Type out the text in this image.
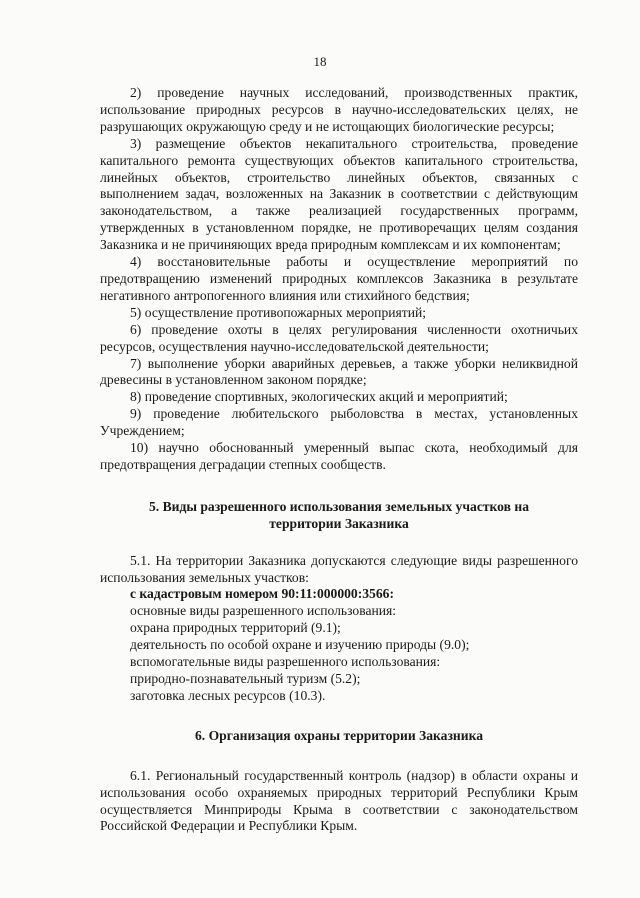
18

2) проведение научных исследований, производственных практик, использование природных ресурсов в научно-исследовательских целях, не разрушающих окружающую среду и не истощающих биологические ресурсы;

3) размещение объектов некапитального строительства, проведение капитального ремонта существующих объектов капитального строительства, линейных объектов, строительство линейных объектов, связанных с выполнением задач, возложенных на Заказник в соответствии с действующим законодательством, а также реализацией государственных программ, утвержденных в установленном порядке, не противоречащих целям создания Заказника и не причиняющих вреда природным комплексам и их компонентам;

4) восстановительные работы и осуществление мероприятий по предотвращению изменений природных комплексов Заказника в результате негативного антропогенного влияния или стихийного бедствия;

5) осуществление противопожарных мероприятий;

6) проведение охоты в целях регулирования численности охотничьих ресурсов, осуществления научно-исследовательской деятельности;

7) выполнение уборки аварийных деревьев, а также уборки неликвидной древесины в установленном законом порядке;

8) проведение спортивных, экологических акций и мероприятий;

9) проведение любительского рыболовства в местах, установленных Учреждением;

10) научно обоснованный умеренный выпас скота, необходимый для предотвращения деградации степных сообществ.

5. Виды разрешенного использования земельных участков на территории Заказника

5.1. На территории Заказника допускаются следующие виды разрешенного использования земельных участков:

с кадастровым номером 90:11:000000:3566:

основные виды разрешенного использования:

охрана природных территорий (9.1);

деятельность по особой охране и изучению природы (9.0);

вспомогательные виды разрешенного использования:

природно-познавательный туризм (5.2);

заготовка лесных ресурсов (10.3).

6. Организация охраны территории Заказника

6.1. Региональный государственный контроль (надзор) в области охраны и использования особо охраняемых природных территорий Республики Крым осуществляется Минприроды Крыма в соответствии с законодательством Российской Федерации и Республики Крым.
